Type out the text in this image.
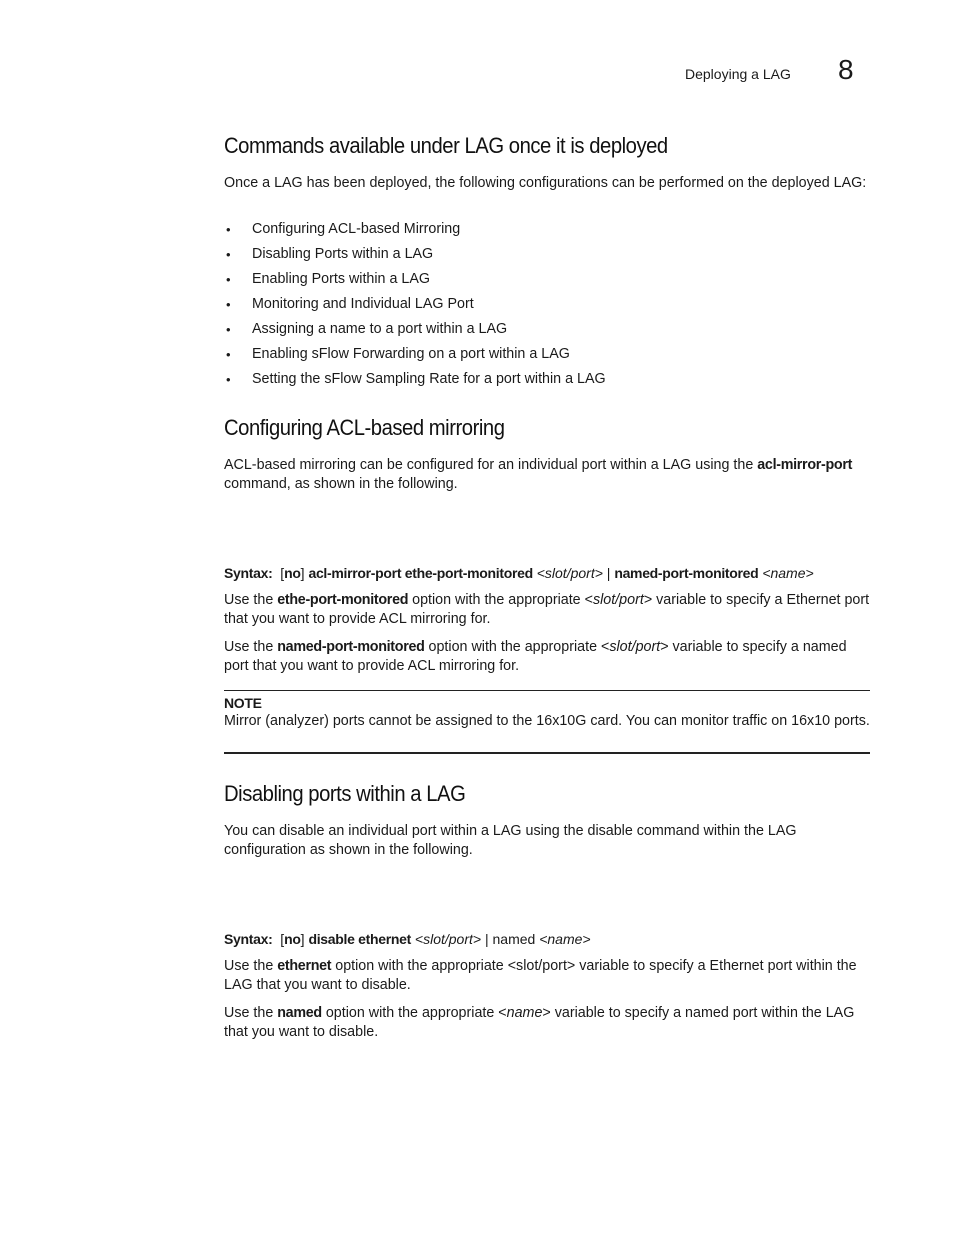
Deploying a LAG 8
Commands available under LAG once it is deployed

Once a LAG has been deployed, the following configurations can be performed on the deployed LAG:

• Configuring ACL-based Mirroring
• Disabling Ports within a LAG
• Enabling Ports within a LAG
• Monitoring and Individual LAG Port
• Assigning a name to a port within a LAG
• Enabling sFlow Forwarding on a port within a LAG
• Setting the sFlow Sampling Rate for a port within a LAG
Configuring ACL-based mirroring

ACL-based mirroring can be configured for an individual port within a LAG using the acl-mirror-port command, as shown in the following.

Syntax: [no] acl-mirror-port ethe-port-monitored <slot/port> | named-port-monitored <name>

Use the ethe-port-monitored option with the appropriate <slot/port> variable to specify a Ethernet port that you want to provide ACL mirroring for.

Use the named-port-monitored option with the appropriate <slot/port> variable to specify a named port that you want to provide ACL mirroring for.

NOTE

Mirror (analyzer) ports cannot be assigned to the 16x10G card. You can monitor traffic on 16x10 ports.

Disabling ports within a LAG

You can disable an individual port within a LAG using the disable command within the LAG configuration as shown in the following.

Syntax: [no] disable ethernet <slot/port> | named <name>

Use the ethernet option with the appropriate <slot/port> variable to specify a Ethernet port within the LAG that you want to disable.

Use the named option with the appropriate <name> variable to specify a named port within the LAG that you want to disable.
